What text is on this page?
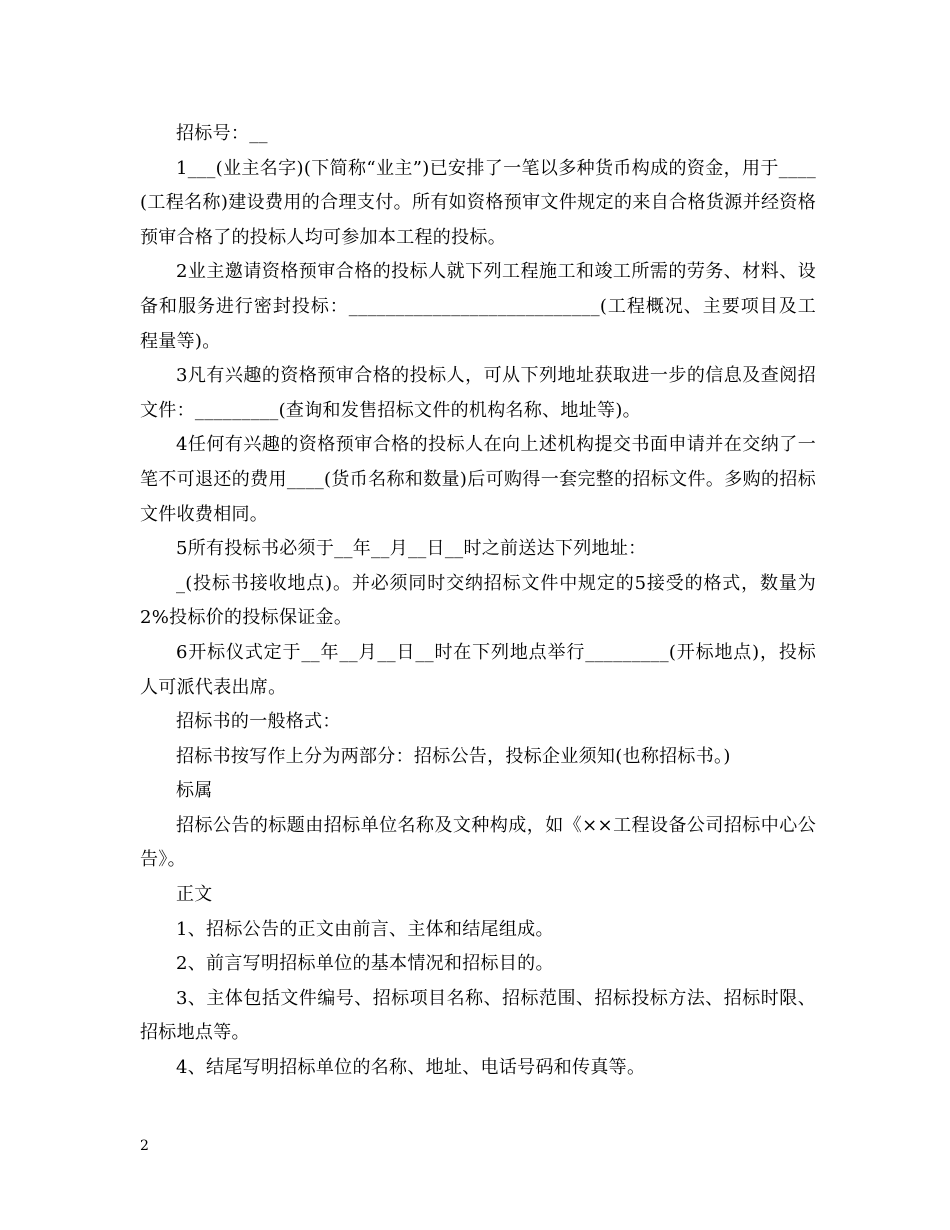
招标号：__

1___(业主名字)(下简称“业主”)已安排了一笔以多种货币构成的资金，用于____(工程名称)建设费用的合理支付。所有如资格预审文件规定的来自合格货源并经资格预审合格了的投标人均可参加本工程的投标。

2业主邀请资格预审合格的投标人就下列工程施工和竣工所需的劳务、材料、设备和服务进行密封投标：___________________________(工程概况、主要项目及工程量等)。

3凡有兴趣的资格预审合格的投标人，可从下列地址获取进一步的信息及查阅招文件：_________(查询和发售招标文件的机构名称、地址等)。

4任何有兴趣的资格预审合格的投标人在向上述机构提交书面申请并在交纳了一笔不可退还的费用____(货币名称和数量)后可购得一套完整的招标文件。多购的招标文件收费相同。

5所有投标书必须于__年__月__日__时之前送达下列地址：

_(投标书接收地点)。并必须同时交纳招标文件中规定的5接受的格式，数量为2%投标价的投标保证金。

6开标仪式定于__年__月__日__时在下列地点举行_________(开标地点)，投标人可派代表出席。

招标书的一般格式：

招标书按写作上分为两部分：招标公告，投标企业须知(也称招标书。)

标属

招标公告的标题由招标单位名称及文种构成，如《××工程设备公司招标中心公告》。

正文

1、招标公告的正文由前言、主体和结尾组成。

2、前言写明招标单位的基本情况和招标目的。

3、主体包括文件编号、招标项目名称、招标范围、招标投标方法、招标时限、招标地点等。

4、结尾写明招标单位的名称、地址、电话号码和传真等。

2
